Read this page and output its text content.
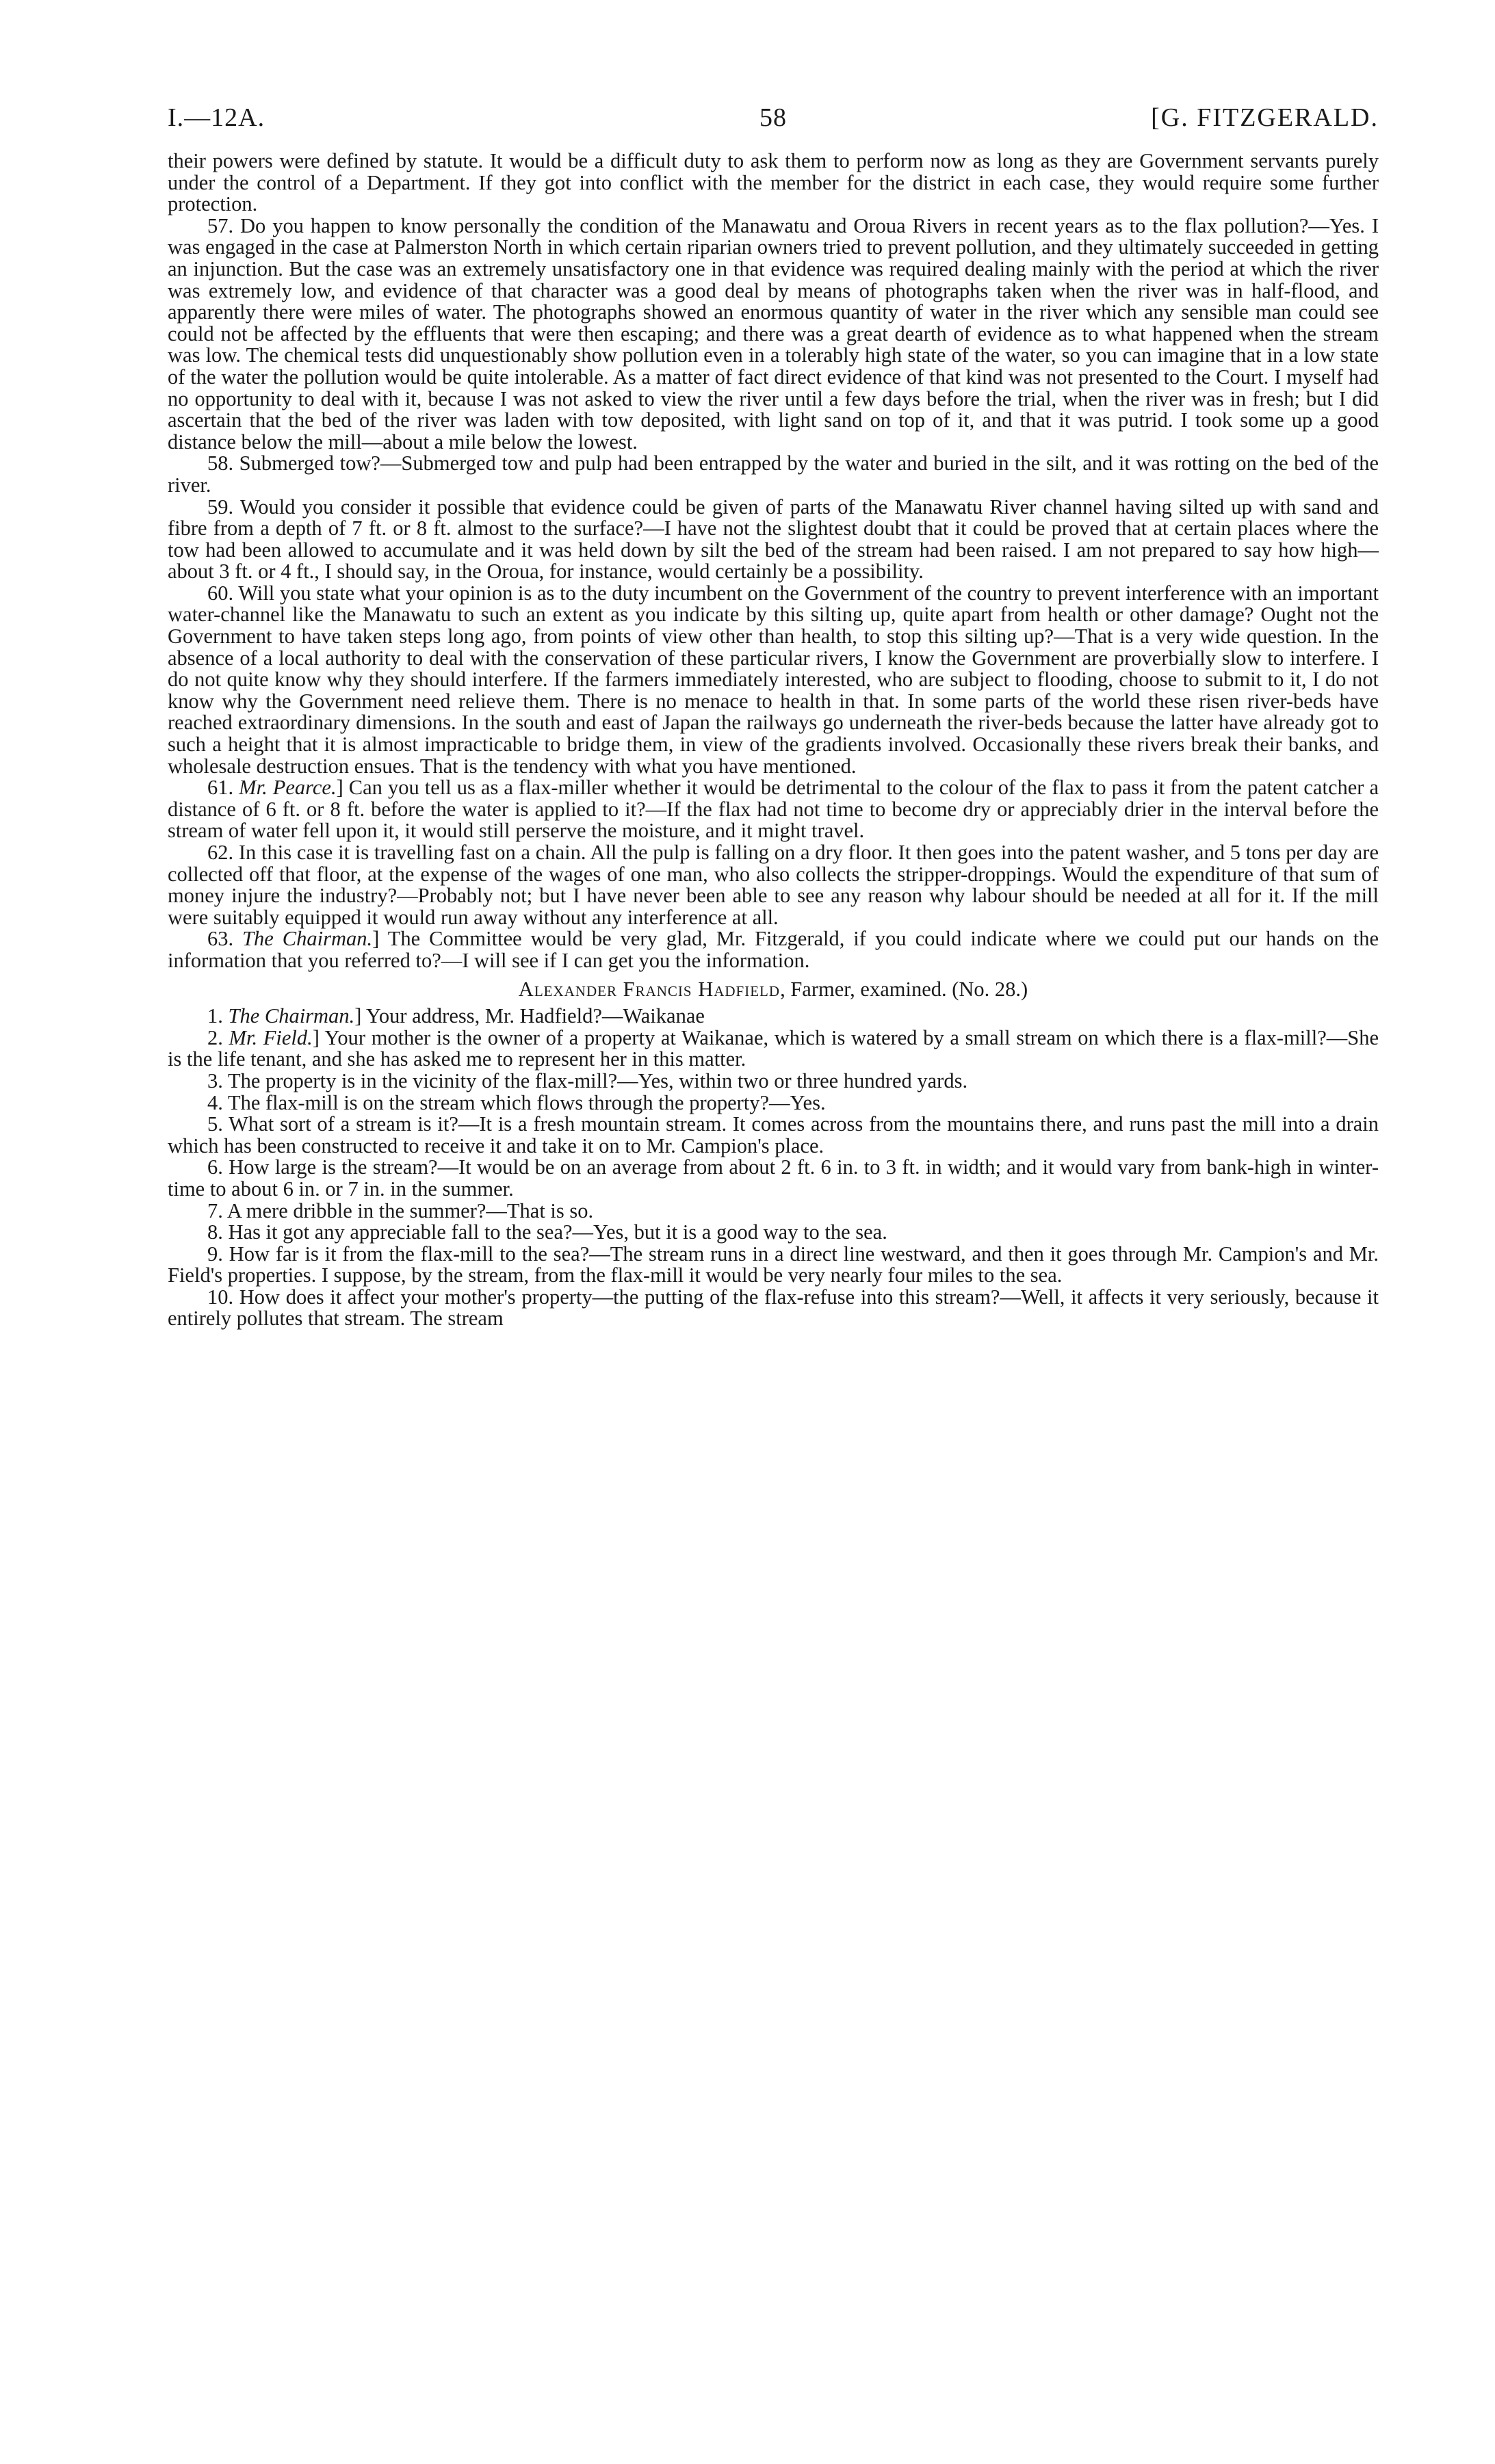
I.—12A.	58	[G. FITZGERALD.

their powers were defined by statute. It would be a difficult duty to ask them to perform now as long as they are Government servants purely under the control of a Department. If they got into conflict with the member for the district in each case, they would require some further protection.

57. Do you happen to know personally the condition of the Manawatu and Oroua Rivers in recent years as to the flax pollution?—Yes. I was engaged in the case at Palmerston North in which certain riparian owners tried to prevent pollution, and they ultimately succeeded in getting an injunction. But the case was an extremely unsatisfactory one in that evidence was required dealing mainly with the period at which the river was extremely low, and evidence of that character was a good deal by means of photographs taken when the river was in half-flood, and apparently there were miles of water. The photographs showed an enormous quantity of water in the river which any sensible man could see could not be affected by the effluents that were then escaping; and there was a great dearth of evidence as to what happened when the stream was low. The chemical tests did unquestionably show pollution even in a tolerably high state of the water, so you can imagine that in a low state of the water the pollution would be quite intolerable. As a matter of fact direct evidence of that kind was not presented to the Court. I myself had no opportunity to deal with it, because I was not asked to view the river until a few days before the trial, when the river was in fresh; but I did ascertain that the bed of the river was laden with tow deposited, with light sand on top of it, and that it was putrid. I took some up a good distance below the mill—about a mile below the lowest.

58. Submerged tow?—Submerged tow and pulp had been entrapped by the water and buried in the silt, and it was rotting on the bed of the river.

59. Would you consider it possible that evidence could be given of parts of the Manawatu River channel having silted up with sand and fibre from a depth of 7 ft. or 8 ft. almost to the surface?—I have not the slightest doubt that it could be proved that at certain places where the tow had been allowed to accumulate and it was held down by silt the bed of the stream had been raised. I am not prepared to say how high—about 3 ft. or 4 ft., I should say, in the Oroua, for instance, would certainly be a possibility.

60. Will you state what your opinion is as to the duty incumbent on the Government of the country to prevent interference with an important water-channel like the Manawatu to such an extent as you indicate by this silting up, quite apart from health or other damage? Ought not the Government to have taken steps long ago, from points of view other than health, to stop this silting up?—That is a very wide question. In the absence of a local authority to deal with the conservation of these particular rivers, I know the Government are proverbially slow to interfere. I do not quite know why they should interfere. If the farmers immediately interested, who are subject to flooding, choose to submit to it, I do not know why the Government need relieve them. There is no menace to health in that. In some parts of the world these risen river-beds have reached extraordinary dimensions. In the south and east of Japan the railways go underneath the river-beds because the latter have already got to such a height that it is almost impracticable to bridge them, in view of the gradients involved. Occasionally these rivers break their banks, and wholesale destruction ensues. That is the tendency with what you have mentioned.

61. Mr. Pearce.] Can you tell us as a flax-miller whether it would be detrimental to the colour of the flax to pass it from the patent catcher a distance of 6 ft. or 8 ft. before the water is applied to it?—If the flax had not time to become dry or appreciably drier in the interval before the stream of water fell upon it, it would still perserve the moisture, and it might travel.

62. In this case it is travelling fast on a chain. All the pulp is falling on a dry floor. It then goes into the patent washer, and 5 tons per day are collected off that floor, at the expense of the wages of one man, who also collects the stripper-droppings. Would the expenditure of that sum of money injure the industry?—Probably not; but I have never been able to see any reason why labour should be needed at all for it. If the mill were suitably equipped it would run away without any interference at all.

63. The Chairman.] The Committee would be very glad, Mr. Fitzgerald, if you could indicate where we could put our hands on the information that you referred to?—I will see if I can get you the information.

Alexander Francis Hadfield, Farmer, examined. (No. 28.)

1. The Chairman.] Your address, Mr. Hadfield?—Waikanae

2. Mr. Field.] Your mother is the owner of a property at Waikanae, which is watered by a small stream on which there is a flax-mill?—She is the life tenant, and she has asked me to represent her in this matter.

3. The property is in the vicinity of the flax-mill?—Yes, within two or three hundred yards.

4. The flax-mill is on the stream which flows through the property?—Yes.

5. What sort of a stream is it?—It is a fresh mountain stream. It comes across from the mountains there, and runs past the mill into a drain which has been constructed to receive it and take it on to Mr. Campion's place.

6. How large is the stream?—It would be on an average from about 2 ft. 6 in. to 3 ft. in width; and it would vary from bank-high in winter-time to about 6 in. or 7 in. in the summer.

7. A mere dribble in the summer?—That is so.

8. Has it got any appreciable fall to the sea?—Yes, but it is a good way to the sea.

9. How far is it from the flax-mill to the sea?—The stream runs in a direct line westward, and then it goes through Mr. Campion's and Mr. Field's properties. I suppose, by the stream, from the flax-mill it would be very nearly four miles to the sea.

10. How does it affect your mother's property—the putting of the flax-refuse into this stream?—Well, it affects it very seriously, because it entirely pollutes that stream. The stream
